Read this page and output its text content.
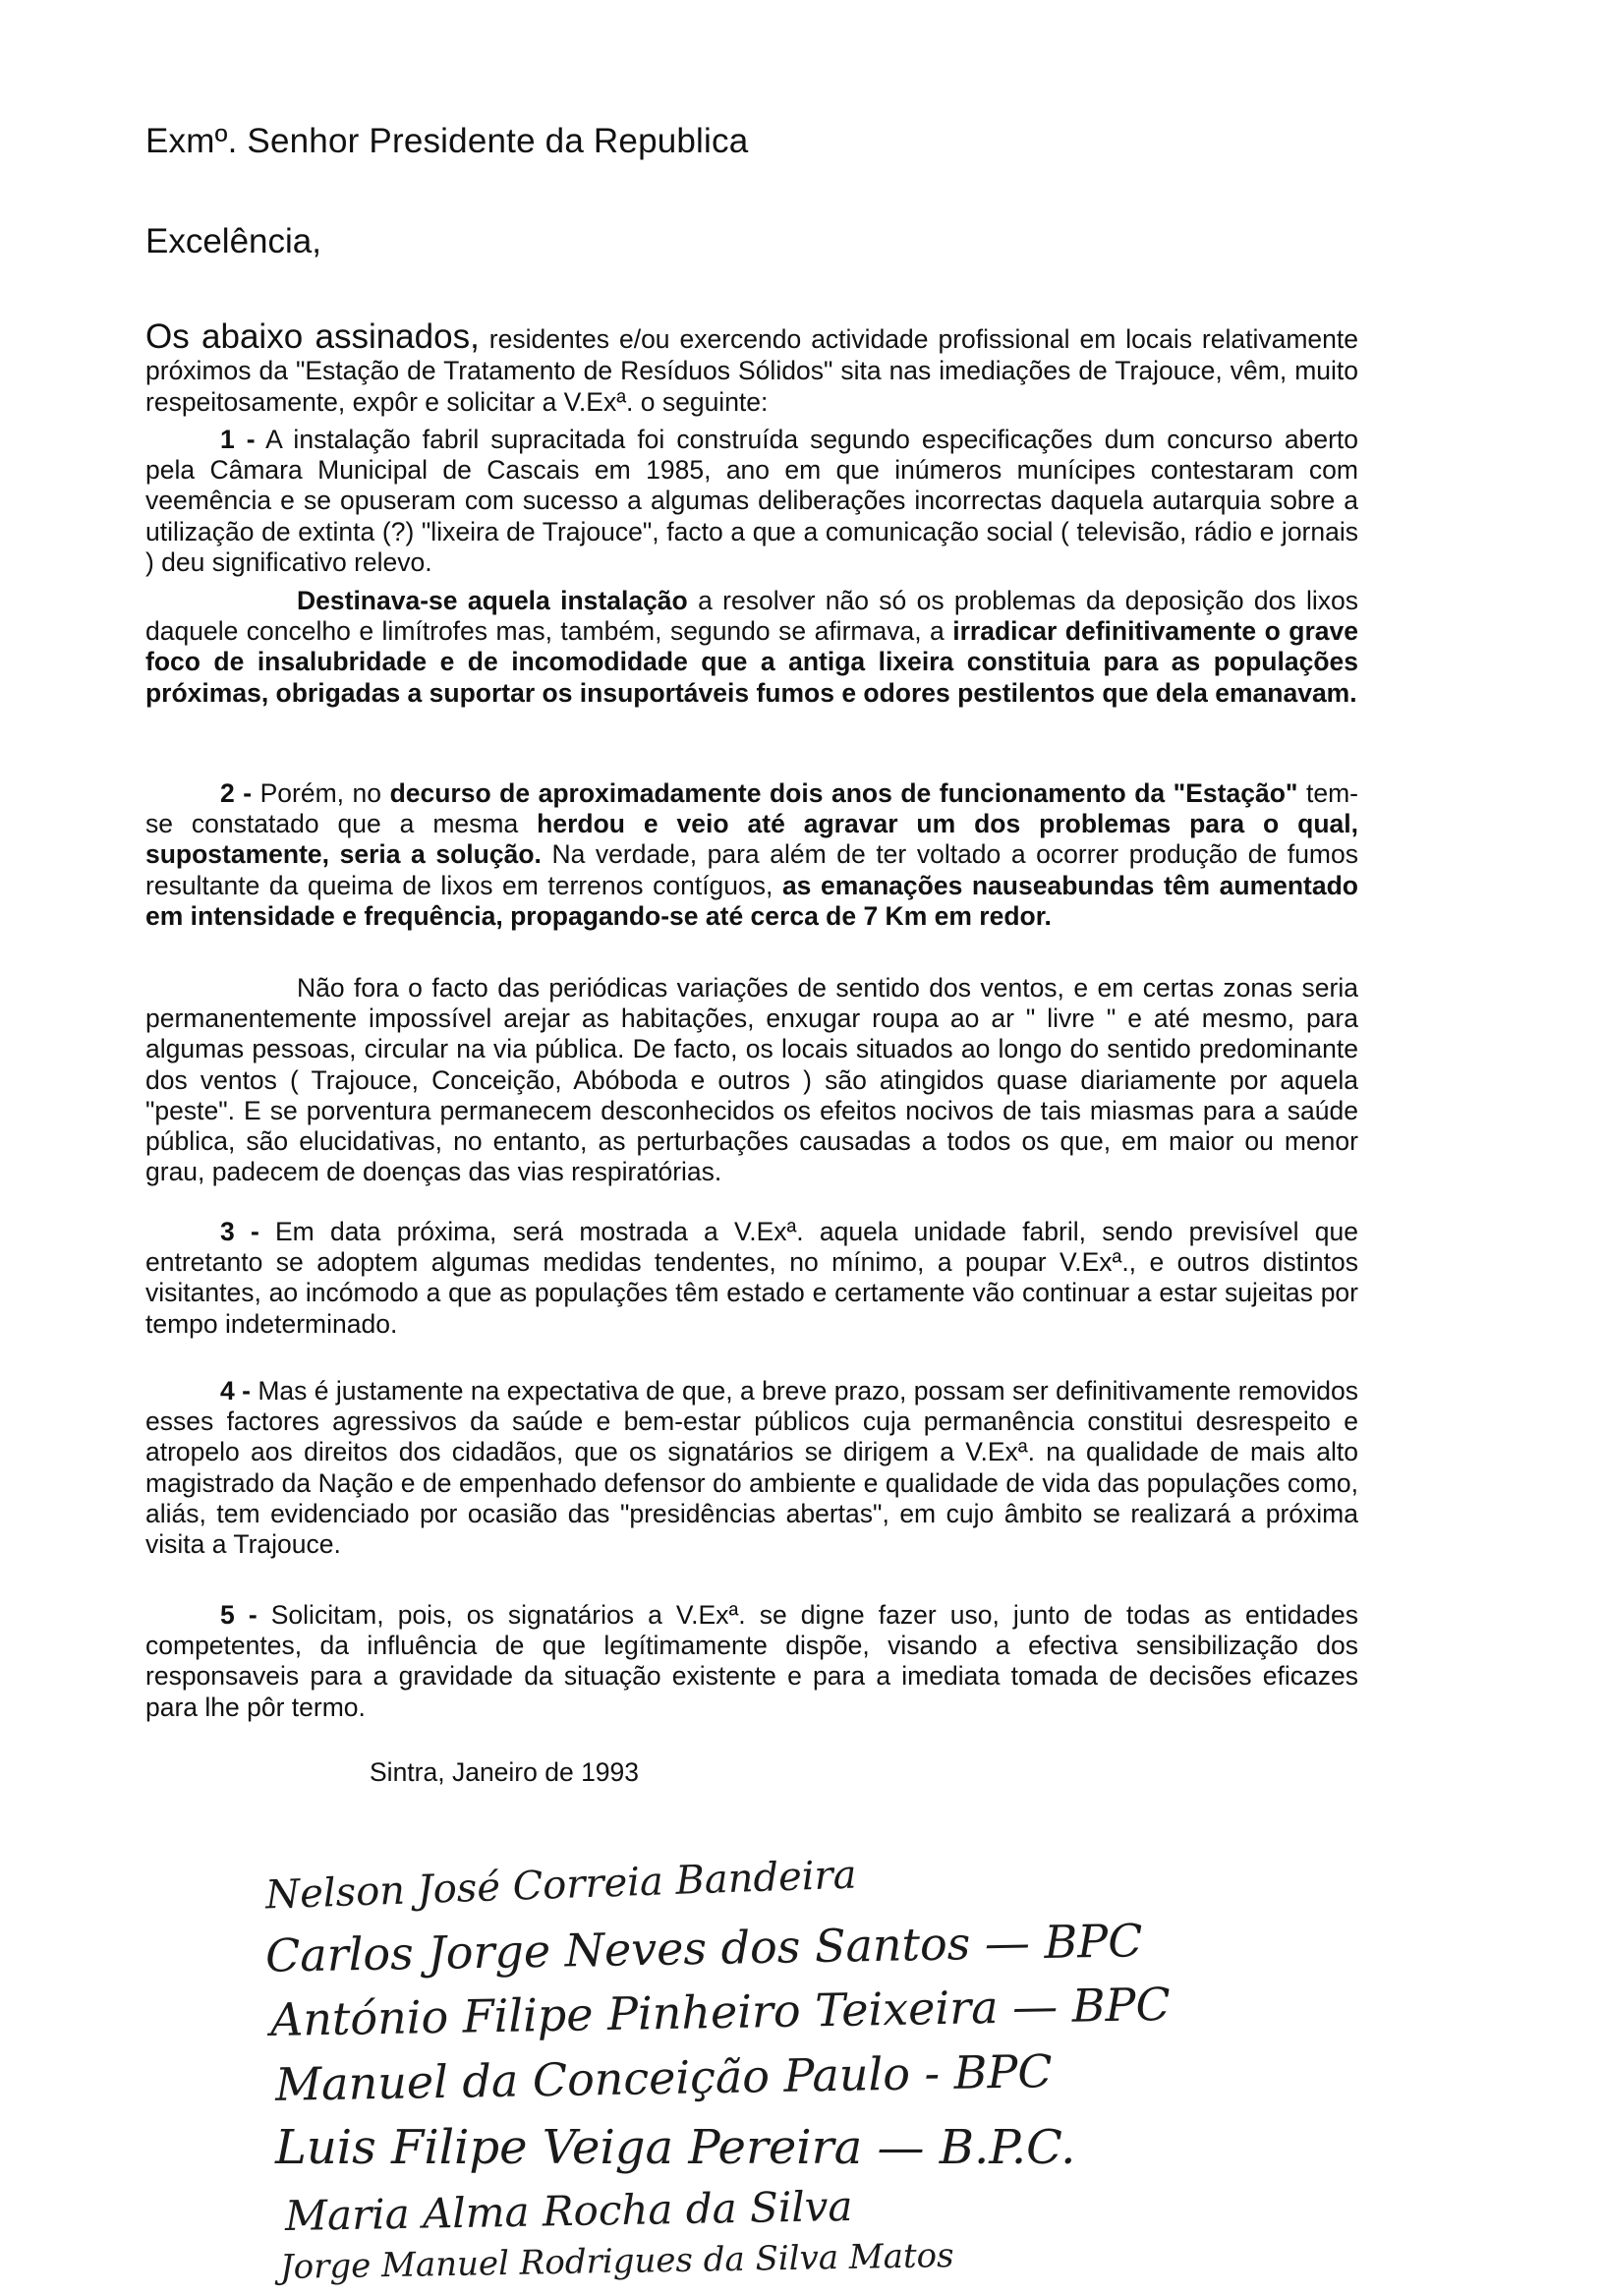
Exmº. Senhor Presidente da Republica
Excelência,

Os abaixo assinados, residentes e/ou exercendo actividade profissional em locais relativamente próximos da "Estação de Tratamento de Resíduos Sólidos" sita nas imediações de Trajouce, vêm, muito respeitosamente, expôr e solicitar a V.Exª. o seguinte:

1 - A instalação fabril supracitada foi construída segundo especificações dum concurso aberto pela Câmara Municipal de Cascais em 1985, ano em que inúmeros munícipes contestaram com veemência e se opuseram com sucesso a algumas deliberações incorrectas daquela autarquia sobre a utilização de extinta (?) "lixeira de Trajouce", facto a que a comunicação social ( televisão, rádio e jornais ) deu significativo relevo.

Destinava-se aquela instalação a resolver não só os problemas da deposição dos lixos daquele concelho e limítrofes mas, também, segundo se afirmava, a irradicar definitivamente o grave foco de insalubridade e de incomodidade que a antiga lixeira constituia para as populações próximas, obrigadas a suportar os insuportáveis fumos e odores pestilentos que dela emanavam.

2 - Porém, no decurso de aproximadamente dois anos de funcionamento da "Estação" tem-se constatado que a mesma herdou e veio até agravar um dos problemas para o qual, supostamente, seria a solução. Na verdade, para além de ter voltado a ocorrer produção de fumos resultante da queima de lixos em terrenos contíguos, as emanações nauseabundas têm aumentado em intensidade e frequência, propagando-se até cerca de 7 Km em redor.

Não fora o facto das periódicas variações de sentido dos ventos, e em certas zonas seria permanentemente impossível arejar as habitações, enxugar roupa ao ar " livre " e até mesmo, para algumas pessoas, circular na via pública. De facto, os locais situados ao longo do sentido predominante dos ventos ( Trajouce, Conceição, Abóboda e outros ) são atingidos quase diariamente por aquela "peste". E se porventura permanecem desconhecidos os efeitos nocivos de tais miasmas para a saúde pública, são elucidativas, no entanto, as perturbações causadas a todos os que, em maior ou menor grau, padecem de doenças das vias respiratórias.

3 - Em data próxima, será mostrada a V.Exª. aquela unidade fabril, sendo previsível que entretanto se adoptem algumas medidas tendentes, no mínimo, a poupar V.Exª., e outros distintos visitantes, ao incómodo a que as populações têm estado e certamente vão continuar a estar sujeitas por tempo indeterminado.

4 - Mas é justamente na expectativa de que, a breve prazo, possam ser definitivamente removidos esses factores agressivos da saúde e bem-estar públicos cuja permanência constitui desrespeito e atropelo aos direitos dos cidadãos, que os signatários se dirigem a V.Exª. na qualidade de mais alto magistrado da Nação e de empenhado defensor do ambiente e qualidade de vida das populações como, aliás, tem evidenciado por ocasião das "presidências abertas", em cujo âmbito se realizará a próxima visita a Trajouce.

5 - Solicitam, pois, os signatários a V.Exª. se digne fazer uso, junto de todas as entidades competentes, da influência de que legítimamente dispõe, visando a efectiva sensibilização dos responsaveis para a gravidade da situação existente e para a imediata tomada de decisões eficazes para lhe pôr termo.

Sintra, Janeiro de 1993
Nelson José Correia Bandeira
Carlos Jorge Neves dos Santos — BPC
António Filipe Pinheiro Teixeira — BPC
Manuel da Conceição Paulo - BPC
Luis Filipe Veiga Pereira — B.P.C.
Maria Alma Rocha da Silva
Jorge Manuel Rodrigues da Silva Matos
